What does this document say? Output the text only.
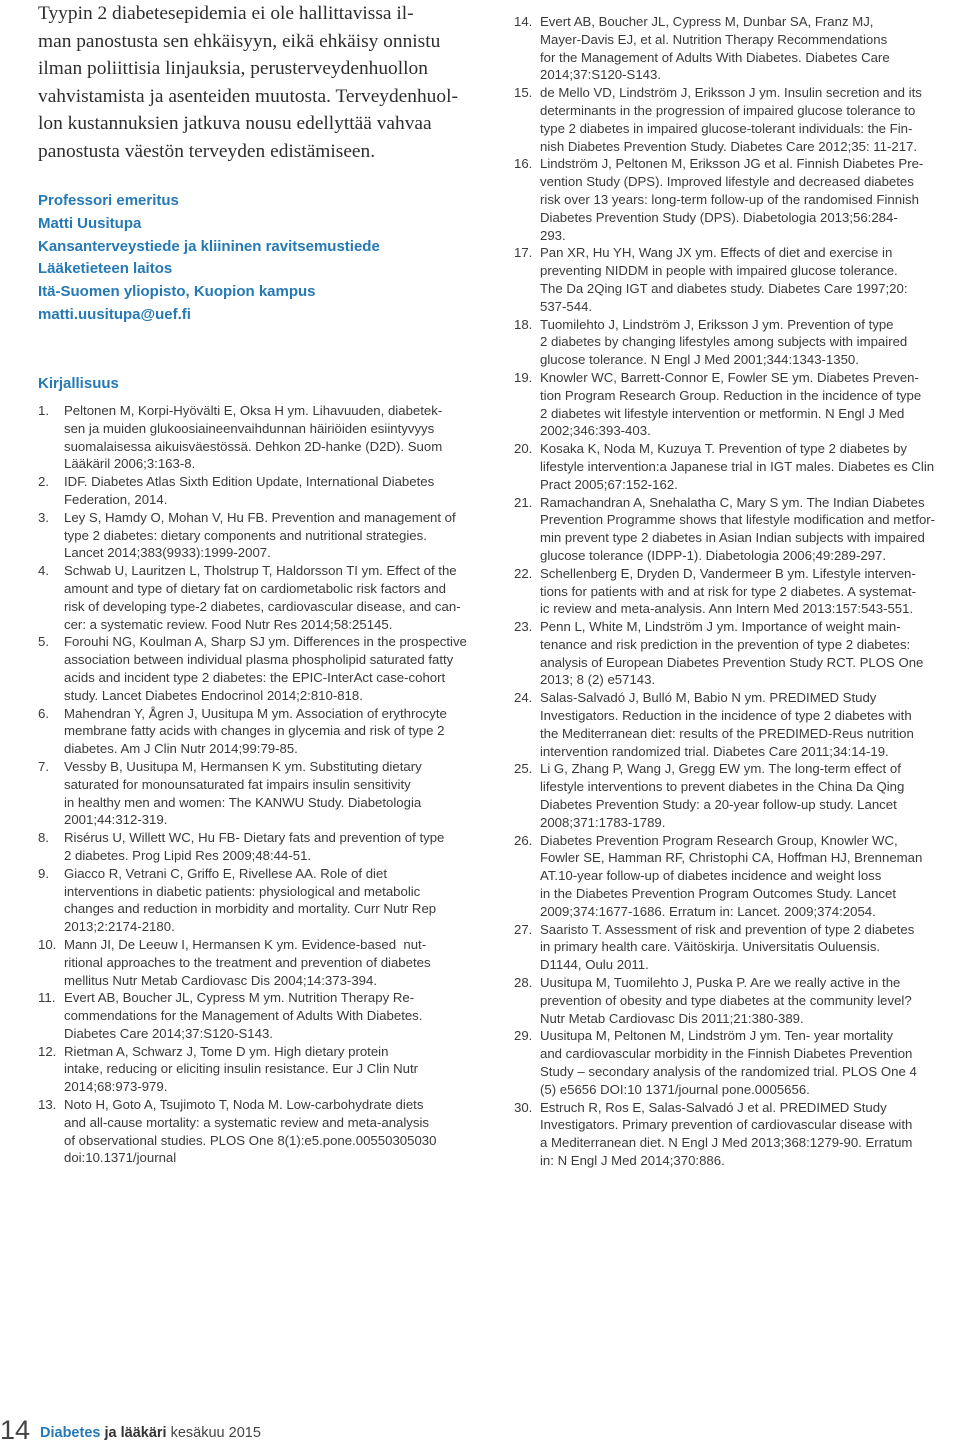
Tyypin 2 diabetesepidemia ei ole hallittavissa il-
man panostusta sen ehkäisyyn, eikä ehkäisy onnistu
ilman poliittisia linjauksia, perusterveydenhuollon
vahvistamista ja asenteiden muutosta. Terveydenhuol-
lon kustannuksien jatkuva nousu edellyttää vahvaa
panostusta väestön terveyden edistämiseen.
Professori emeritus
Matti Uusitupa
Kansanterveystiede ja kliininen ravitsemustiede
Lääketieteen laitos
Itä-Suomen yliopisto, Kuopion kampus
matti.uusitupa@uef.fi
Kirjallisuus
1. Peltonen M, Korpi-Hyövälti E, Oksa H ym. Lihavuuden, diabetek-
sen ja muiden glukoosiaineenvaihdunnan häiriöiden esiintyvyys
suomalaisessa aikuisväestössä. Dehkon 2D-hanke (D2D). Suom
Lääkäril 2006;3:163-8.
2. IDF. Diabetes Atlas Sixth Edition Update, International Diabetes
Federation, 2014.
3. Ley S, Hamdy O, Mohan V, Hu FB. Prevention and management of
type 2 diabetes: dietary components and nutritional strategies.
Lancet 2014;383(9933):1999-2007.
4. Schwab U, Lauritzen L, Tholstrup T, Haldorsson TI ym. Effect of the
amount and type of dietary fat on cardiometabolic risk factors and
risk of developing type-2 diabetes, cardiovascular disease, and can-
cer: a systematic review. Food Nutr Res 2014;58:25145.
5. Forouhi NG, Koulman A, Sharp SJ ym. Differences in the prospective
association between individual plasma phospholipid saturated fatty
acids and incident type 2 diabetes: the EPIC-InterAct case-cohort
study. Lancet Diabetes Endocrinol 2014;2:810-818.
6. Mahendran Y, Ågren J, Uusitupa M ym. Association of erythrocyte
membrane fatty acids with changes in glycemia and risk of type 2
diabetes. Am J Clin Nutr 2014;99:79-85.
7. Vessby B, Uusitupa M, Hermansen K ym. Substituting dietary
saturated for monounsaturated fat impairs insulin sensitivity
in healthy men and women: The KANWU Study. Diabetologia
2001;44:312-319.
8. Risérus U, Willett WC, Hu FB- Dietary fats and prevention of type
2 diabetes. Prog Lipid Res 2009;48:44-51.
9. Giacco R, Vetrani C, Griffo E, Rivellese AA. Role of diet
interventions in diabetic patients: physiological and metabolic
changes and reduction in morbidity and mortality. Curr Nutr Rep
2013;2:2174-2180.
10. Mann JI, De Leeuw I, Hermansen K ym. Evidence-based  nut-
ritional approaches to the treatment and prevention of diabetes
mellitus Nutr Metab Cardiovasc Dis 2004;14:373-394.
11. Evert AB, Boucher JL, Cypress M ym. Nutrition Therapy Re-
commendations for the Management of Adults With Diabetes.
Diabetes Care 2014;37:S120-S143.
12. Rietman A, Schwarz J, Tome D ym. High dietary protein
intake, reducing or eliciting insulin resistance. Eur J Clin Nutr
2014;68:973-979.
13. Noto H, Goto A, Tsujimoto T, Noda M. Low-carbohydrate diets
and all-cause mortality: a systematic review and meta-analysis
of observational studies. PLOS One 8(1):e5.pone.00550305030
doi:10.1371/journal
14. Evert AB, Boucher JL, Cypress M, Dunbar SA, Franz MJ,
Mayer-Davis EJ, et al. Nutrition Therapy Recommendations
for the Management of Adults With Diabetes. Diabetes Care
2014;37:S120-S143.
15. de Mello VD, Lindström J, Eriksson J ym. Insulin secretion and its
determinants in the progression of impaired glucose tolerance to
type 2 diabetes in impaired glucose-tolerant individuals: the Fin-
nish Diabetes Prevention Study. Diabetes Care 2012;35: 11-217.
16. Lindström J, Peltonen M, Eriksson JG et al. Finnish Diabetes Pre-
vention Study (DPS). Improved lifestyle and decreased diabetes
risk over 13 years: long-term follow-up of the randomised Finnish
Diabetes Prevention Study (DPS). Diabetologia 2013;56:284-
293.
17. Pan XR, Hu YH, Wang JX ym. Effects of diet and exercise in
preventing NIDDM in people with impaired glucose tolerance.
The Da 2Qing IGT and diabetes study. Diabetes Care 1997;20:
537-544.
18. Tuomilehto J, Lindström J, Eriksson J ym. Prevention of type
2 diabetes by changing lifestyles among subjects with impaired
glucose tolerance. N Engl J Med 2001;344:1343-1350.
19. Knowler WC, Barrett-Connor E, Fowler SE ym. Diabetes Preven-
tion Program Research Group. Reduction in the incidence of type
2 diabetes wit lifestyle intervention or metformin. N Engl J Med
2002;346:393-403.
20. Kosaka K, Noda M, Kuzuya T. Prevention of type 2 diabetes by
lifestyle intervention:a Japanese trial in IGT males. Diabetes es Clin
Pract 2005;67:152-162.
21. Ramachandran A, Snehalatha C, Mary S ym. The Indian Diabetes
Prevention Programme shows that lifestyle modification and metfor-
min prevent type 2 diabetes in Asian Indian subjects with impaired
glucose tolerance (IDPP-1). Diabetologia 2006;49:289-297.
22. Schellenberg E, Dryden D, Vandermeer B ym. Lifestyle interven-
tions for patients with and at risk for type 2 diabetes. A systemat-
ic review and meta-analysis. Ann Intern Med 2013:157:543-551.
23. Penn L, White M, Lindström J ym. Importance of weight main-
tenance and risk prediction in the prevention of type 2 diabetes:
analysis of European Diabetes Prevention Study RCT. PLOS One
2013; 8 (2) e57143.
24. Salas-Salvadó J, Bulló M, Babio N ym. PREDIMED Study
Investigators. Reduction in the incidence of type 2 diabetes with
the Mediterranean diet: results of the PREDIMED-Reus nutrition
intervention randomized trial. Diabetes Care 2011;34:14-19.
25. Li G, Zhang P, Wang J, Gregg EW ym. The long-term effect of
lifestyle interventions to prevent diabetes in the China Da Qing
Diabetes Prevention Study: a 20-year follow-up study. Lancet
2008;371:1783-1789.
26. Diabetes Prevention Program Research Group, Knowler WC,
Fowler SE, Hamman RF, Christophi CA, Hoffman HJ, Brenneman
AT.10-year follow-up of diabetes incidence and weight loss
in the Diabetes Prevention Program Outcomes Study. Lancet
2009;374:1677-1686. Erratum in: Lancet. 2009;374:2054.
27. Saaristo T. Assessment of risk and prevention of type 2 diabetes
in primary health care. Väitöskirja. Universitatis Ouluensis.
D1144, Oulu 2011.
28. Uusitupa M, Tuomilehto J, Puska P. Are we really active in the
prevention of obesity and type diabetes at the community level?
Nutr Metab Cardiovasc Dis 2011;21:380-389.
29. Uusitupa M, Peltonen M, Lindström J ym. Ten- year mortality
and cardiovascular morbidity in the Finnish Diabetes Prevention
Study – secondary analysis of the randomized trial. PLOS One 4
(5) e5656 DOI:10 1371/journal pone.0005656.
30. Estruch R, Ros E, Salas-Salvadó J et al. PREDIMED Study
Investigators. Primary prevention of cardiovascular disease with
a Mediterranean diet. N Engl J Med 2013;368:1279-90. Erratum
in: N Engl J Med 2014;370:886.
14 Diabetes ja lääkäri kesäkuu 2015
